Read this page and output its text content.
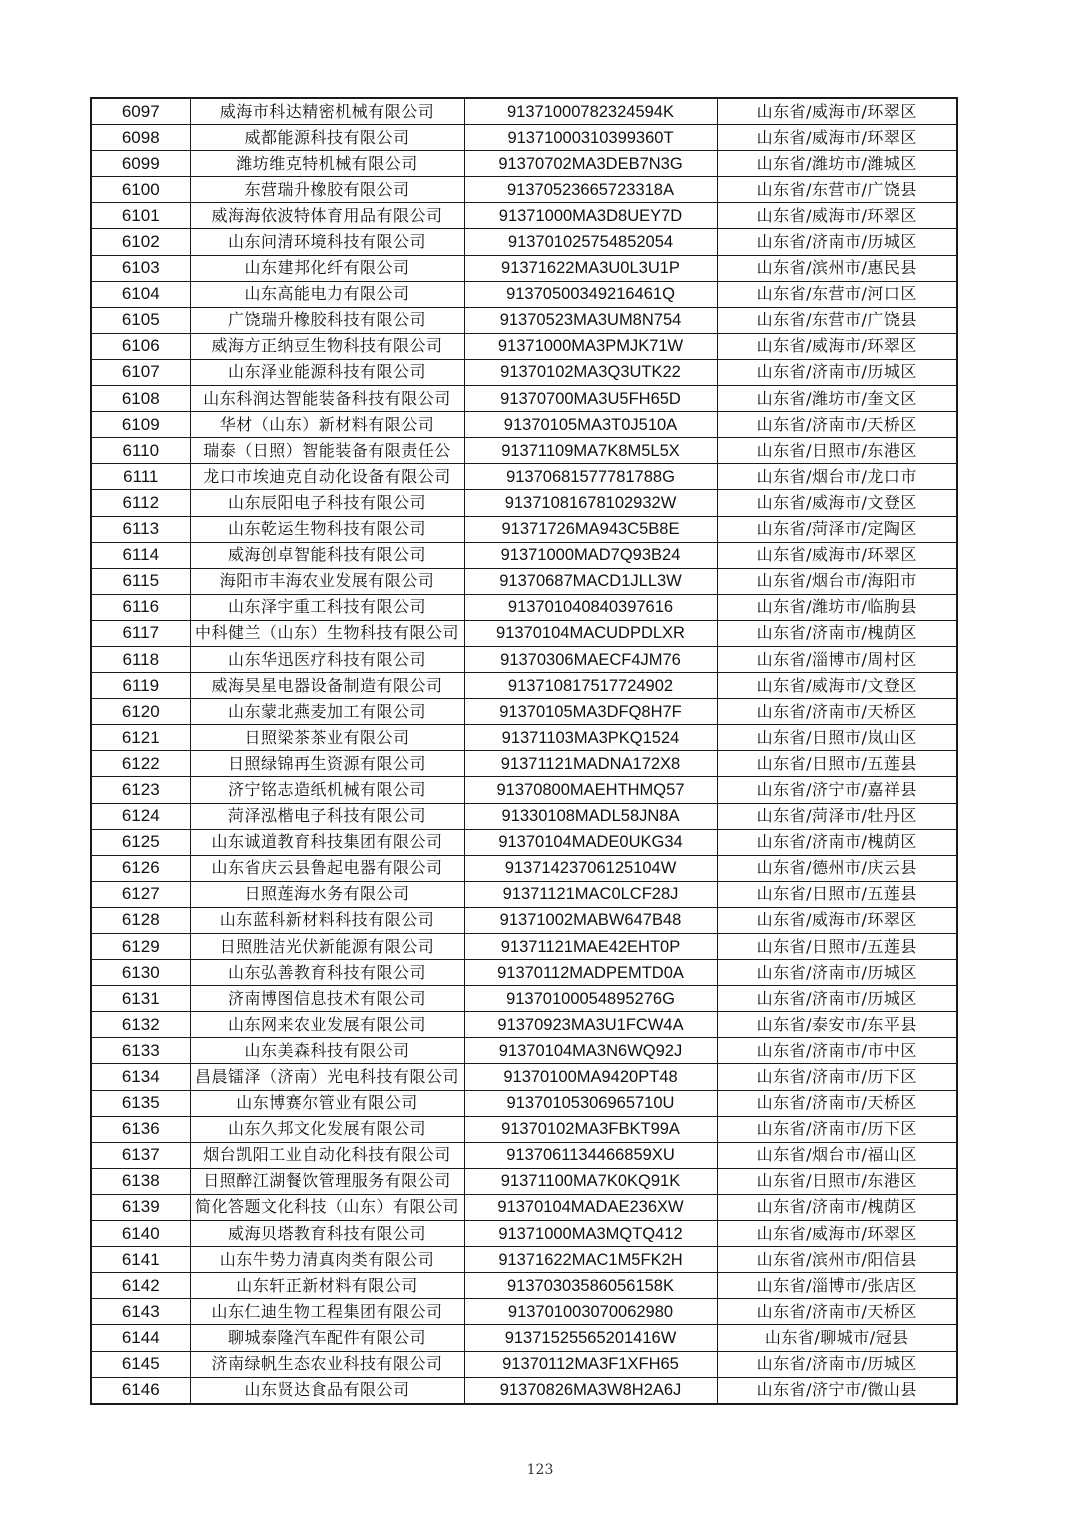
6097	威海市科达精密机械有限公司	91371000782324594K	山东省/威海市/环翠区
6098	威都能源科技有限公司	91371000310399360T	山东省/威海市/环翠区
6099	潍坊维克特机械有限公司	91370702MA3DEB7N3G	山东省/潍坊市/潍城区
6100	东营瑞升橡胶有限公司	91370523665723318A	山东省/东营市/广饶县
6101	威海海依波特体育用品有限公司	91371000MA3D8UEY7D	山东省/威海市/环翠区
6102	山东问清环境科技有限公司	913701025754852054	山东省/济南市/历城区
6103	山东建邦化纤有限公司	91371622MA3U0L3U1P	山东省/滨州市/惠民县
6104	山东高能电力有限公司	91370500349216461Q	山东省/东营市/河口区
6105	广饶瑞升橡胶科技有限公司	91370523MA3UM8N754	山东省/东营市/广饶县
6106	威海方正纳豆生物科技有限公司	91371000MA3PMJK71W	山东省/威海市/环翠区
6107	山东泽业能源科技有限公司	91370102MA3Q3UTK22	山东省/济南市/历城区
6108	山东科润达智能装备科技有限公司	91370700MA3U5FH65D	山东省/潍坊市/奎文区
6109	华材（山东）新材料有限公司	91370105MA3T0J510A	山东省/济南市/天桥区
6110	瑞泰（日照）智能装备有限责任公	91371109MA7K8M5L5X	山东省/日照市/东港区
6111	龙口市埃迪克自动化设备有限公司	91370681577781788G	山东省/烟台市/龙口市
6112	山东辰阳电子科技有限公司	91371081678102932W	山东省/威海市/文登区
6113	山东乾运生物科技有限公司	91371726MA943C5B8E	山东省/菏泽市/定陶区
6114	威海创卓智能科技有限公司	91371000MAD7Q93B24	山东省/威海市/环翠区
6115	海阳市丰海农业发展有限公司	91370687MACD1JLL3W	山东省/烟台市/海阳市
6116	山东泽宇重工科技有限公司	913701040840397616	山东省/潍坊市/临朐县
6117	中科健兰（山东）生物科技有限公司	91370104MACUDPDLXR	山东省/济南市/槐荫区
6118	山东华迅医疗科技有限公司	91370306MAECF4JM76	山东省/淄博市/周村区
6119	威海昊星电器设备制造有限公司	913710817517724902	山东省/威海市/文登区
6120	山东蒙北燕麦加工有限公司	91370105MA3DFQ8H7F	山东省/济南市/天桥区
6121	日照梁茶茶业有限公司	91371103MA3PKQ1524	山东省/日照市/岚山区
6122	日照绿锦再生资源有限公司	91371121MADNA172X8	山东省/日照市/五莲县
6123	济宁铭志造纸机械有限公司	91370800MAEHTHMQ57	山东省/济宁市/嘉祥县
6124	菏泽泓楷电子科技有限公司	91330108MADL58JN8A	山东省/菏泽市/牡丹区
6125	山东诚道教育科技集团有限公司	91370104MADE0UKG34	山东省/济南市/槐荫区
6126	山东省庆云县鲁起电器有限公司	91371423706125104W	山东省/德州市/庆云县
6127	日照莲海水务有限公司	91371121MAC0LCF28J	山东省/日照市/五莲县
6128	山东蓝科新材料科技有限公司	91371002MABW647B48	山东省/威海市/环翠区
6129	日照胜洁光伏新能源有限公司	91371121MAE42EHT0P	山东省/日照市/五莲县
6130	山东弘善教育科技有限公司	91370112MADPEMTD0A	山东省/济南市/历城区
6131	济南博图信息技术有限公司	91370100054895276G	山东省/济南市/历城区
6132	山东网来农业发展有限公司	91370923MA3U1FCW4A	山东省/泰安市/东平县
6133	山东美森科技有限公司	91370104MA3N6WQ92J	山东省/济南市/市中区
6134	昌晨镭泽（济南）光电科技有限公司	91370100MA9420PT48	山东省/济南市/历下区
6135	山东博赛尔管业有限公司	91370105306965710U	山东省/济南市/天桥区
6136	山东久邦文化发展有限公司	91370102MA3FBKT99A	山东省/济南市/历下区
6137	烟台凯阳工业自动化科技有限公司	913706113446685​9XU	山东省/烟台市/福山区
6138	日照醉江湖餐饮管理服务有限公司	91371100MA7K0KQ91K	山东省/日照市/东港区
6139	简化答题文化科技（山东）有限公司	91370104MADAE236XW	山东省/济南市/槐荫区
6140	威海贝塔教育科技有限公司	91371000MA3MQTQ412	山东省/威海市/环翠区
6141	山东牛势力清真肉类有限公司	91371622MAC1M5FK2H	山东省/滨州市/阳信县
6142	山东轩正新材料有限公司	91370303586056158K	山东省/淄博市/张店区
6143	山东仁迪生物工程集团有限公司	913701003070062980	山东省/济南市/天桥区
6144	聊城泰隆汽车配件有限公司	91371525565201416W	山东省/聊城市/冠县
6145	济南绿帆生态农业科技有限公司	91370112MA3F1XFH65	山东省/济南市/历城区
6146	山东贤达食品有限公司	91370826MA3W8H2A6J	山东省/济宁市/微山县
123
